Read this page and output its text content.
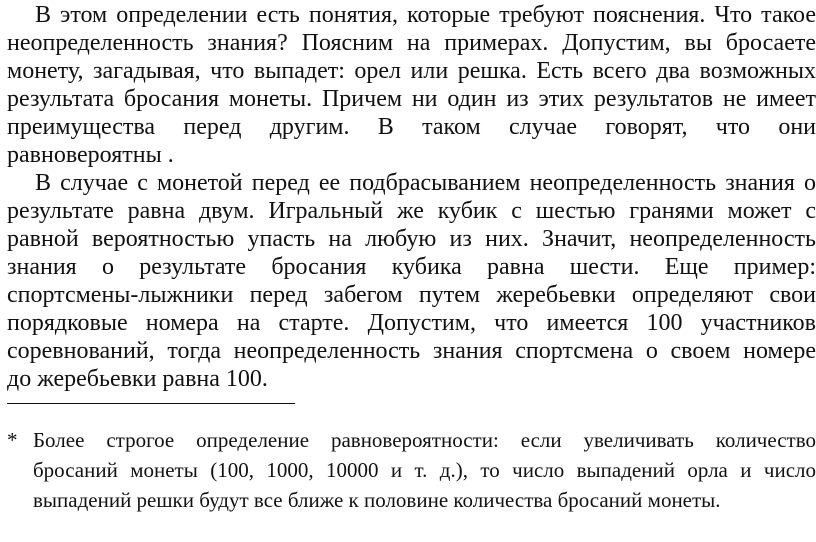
В этом определении есть понятия, которые требуют пояснения. Что такое
неопределенность знания? Поясним на примерах. Допустим, вы бросаете
монету, загадывая, что выпадет: орел или решка. Есть всего два возможных
результата бросания монеты. Причем ни один из этих результатов не имеет
преимущества перед другим. В таком случае говорят, что они
равновероятны .
В случае с монетой перед ее подбрасыванием неопределенность знания о
результате равна двум. Игральный же кубик с шестью гранями может с
равной вероятностью упасть на любую из них. Значит, неопределенность
знания о результате бросания кубика равна шести. Еще пример:
спортсмены-лыжники перед забегом путем жеребьевки определяют свои
порядковые номера на старте. Допустим, что имеется 100 участников
соревнований, тогда неопределенность знания спортсмена о своем номере
до жеребьевки равна 100.
* Более строгое определение равновероятности: если увеличивать количество
бросаний монеты (100, 1000, 10000 и т. д.), то число выпадений орла и число
выпадений решки будут все ближе к половине количества бросаний монеты.
